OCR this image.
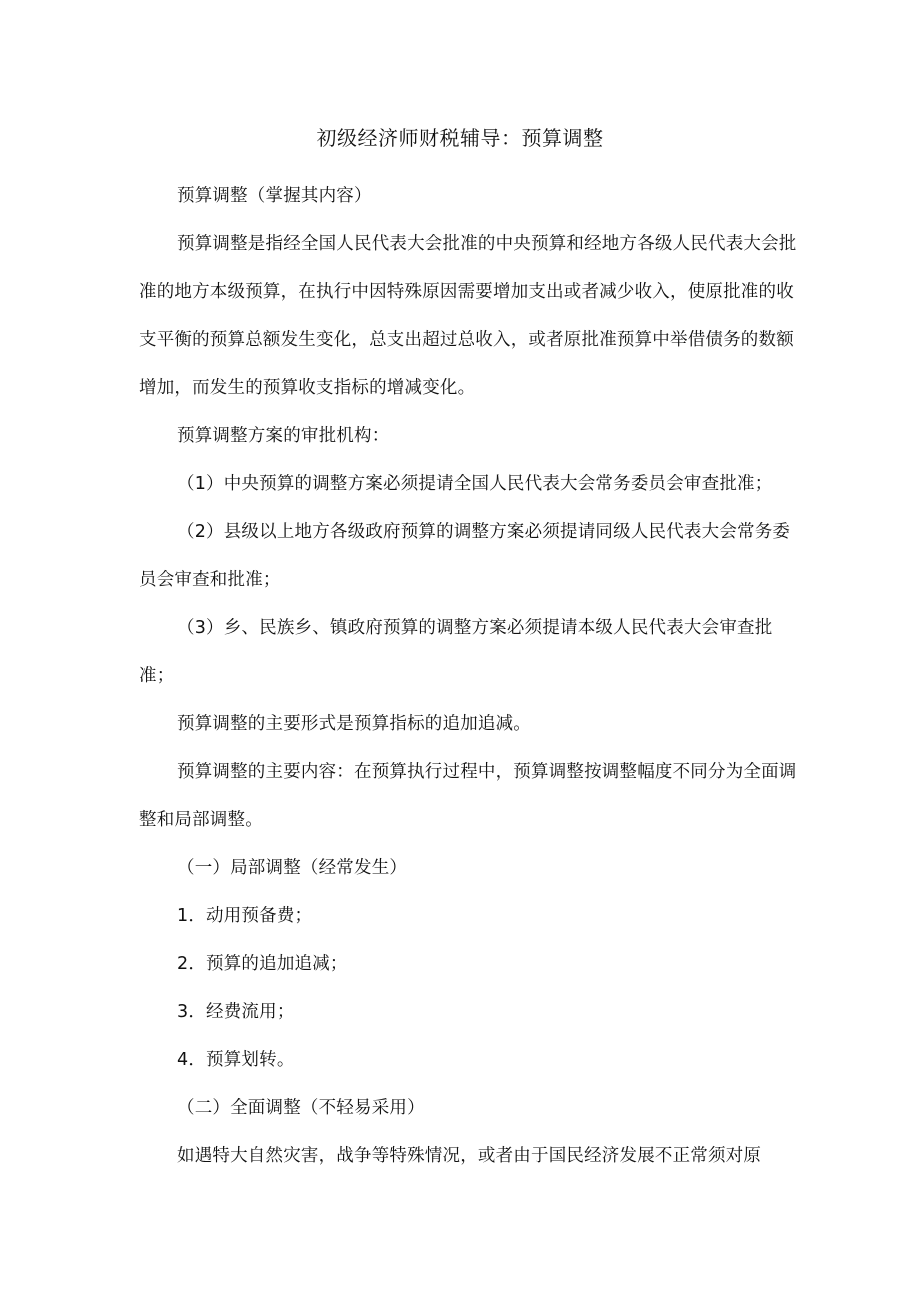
初级经济师财税辅导：预算调整

预算调整（掌握其内容）

预算调整是指经全国人民代表大会批准的中央预算和经地方各级人民代表大会批准的地方本级预算，在执行中因特殊原因需要增加支出或者减少收入，使原批准的收支平衡的预算总额发生变化，总支出超过总收入，或者原批准预算中举借债务的数额增加，而发生的预算收支指标的增减变化。

预算调整方案的审批机构：

（1）中央预算的调整方案必须提请全国人民代表大会常务委员会审查批准；

（2）县级以上地方各级政府预算的调整方案必须提请同级人民代表大会常务委员会审查和批准；

（3）乡、民族乡、镇政府预算的调整方案必须提请本级人民代表大会审查批准；

预算调整的主要形式是预算指标的追加追减。

预算调整的主要内容：在预算执行过程中，预算调整按调整幅度不同分为全面调整和局部调整。

（一）局部调整（经常发生）

1．动用预备费；

2．预算的追加追减；

3．经费流用；

4．预算划转。

（二）全面调整（不轻易采用）

如遇特大自然灾害，战争等特殊情况，或者由于国民经济发展不正常须对原
